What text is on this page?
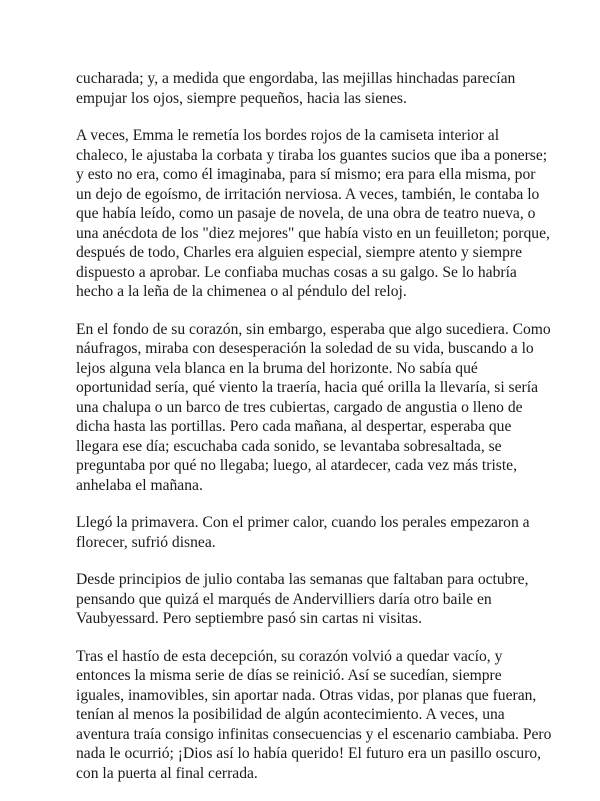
cucharada; y, a medida que engordaba, las mejillas hinchadas parecían
empujar los ojos, siempre pequeños, hacia las sienes.

A veces, Emma le remetía los bordes rojos de la camiseta interior al
chaleco, le ajustaba la corbata y tiraba los guantes sucios que iba a ponerse;
y esto no era, como él imaginaba, para sí mismo; era para ella misma, por
un dejo de egoísmo, de irritación nerviosa. A veces, también, le contaba lo
que había leído, como un pasaje de novela, de una obra de teatro nueva, o
una anécdota de los "diez mejores" que había visto en un feuilleton; porque,
después de todo, Charles era alguien especial, siempre atento y siempre
dispuesto a aprobar. Le confiaba muchas cosas a su galgo. Se lo habría
hecho a la leña de la chimenea o al péndulo del reloj.

En el fondo de su corazón, sin embargo, esperaba que algo sucediera. Como
náufragos, miraba con desesperación la soledad de su vida, buscando a lo
lejos alguna vela blanca en la bruma del horizonte. No sabía qué
oportunidad sería, qué viento la traería, hacia qué orilla la llevaría, si sería
una chalupa o un barco de tres cubiertas, cargado de angustia o lleno de
dicha hasta las portillas. Pero cada mañana, al despertar, esperaba que
llegara ese día; escuchaba cada sonido, se levantaba sobresaltada, se
preguntaba por qué no llegaba; luego, al atardecer, cada vez más triste,
anhelaba el mañana.

Llegó la primavera. Con el primer calor, cuando los perales empezaron a
florecer, sufrió disnea.

Desde principios de julio contaba las semanas que faltaban para octubre,
pensando que quizá el marqués de Andervilliers daría otro baile en
Vaubyessard. Pero septiembre pasó sin cartas ni visitas.

Tras el hastío de esta decepción, su corazón volvió a quedar vacío, y
entonces la misma serie de días se reinició. Así se sucedían, siempre
iguales, inamovibles, sin aportar nada. Otras vidas, por planas que fueran,
tenían al menos la posibilidad de algún acontecimiento. A veces, una
aventura traía consigo infinitas consecuencias y el escenario cambiaba. Pero
nada le ocurrió; ¡Dios así lo había querido! El futuro era un pasillo oscuro,
con la puerta al final cerrada.
